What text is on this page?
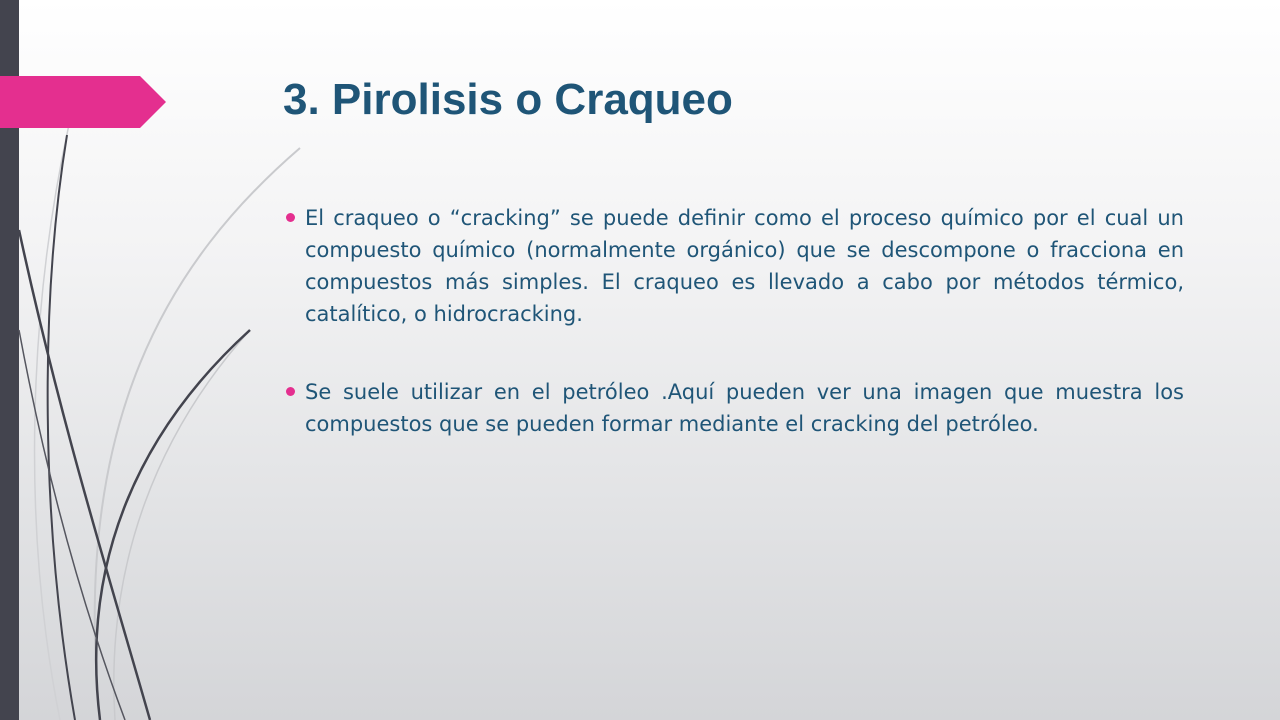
3. Pirolisis o Craqueo
El craqueo o “cracking” se puede definir como el proceso químico por el cual un compuesto químico (normalmente orgánico) que se descompone o fracciona en compuestos más simples. El craqueo es llevado a cabo por métodos térmico, catalítico, o hidrocracking.
Se suele utilizar en el petróleo .Aquí pueden ver una imagen que muestra los compuestos que se pueden formar mediante el cracking del petróleo.
